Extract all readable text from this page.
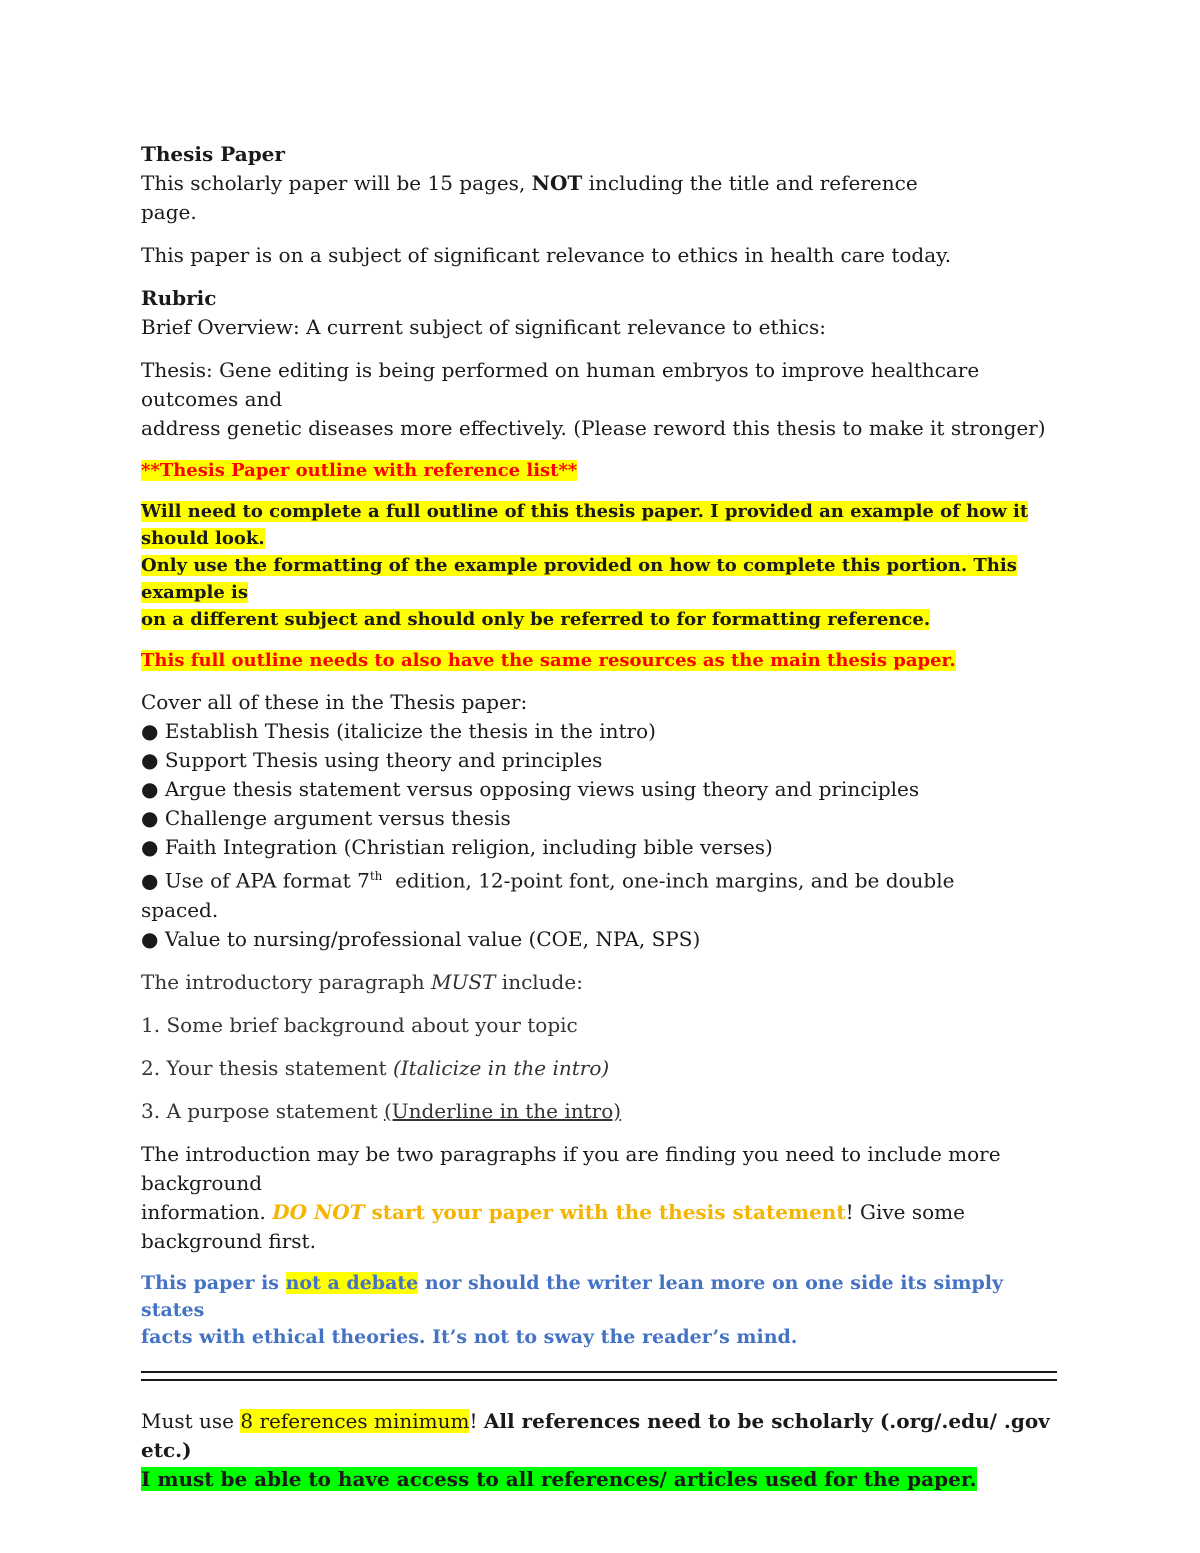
Thesis Paper

This scholarly paper will be 15 pages, NOT including the title and reference

page.

This paper is on a subject of significant relevance to ethics in health care today.

Rubric

Brief Overview: A current subject of significant relevance to ethics:

Thesis: Gene editing is being performed on human embryos to improve healthcare outcomes and

address genetic diseases more effectively. (Please reword this thesis to make it stronger)

**Thesis Paper outline with reference list**

Will need to complete a full outline of this thesis paper. I provided an example of how it should look.

Only use the formatting of the example provided on how to complete this portion. This example is

on a different subject and should only be referred to for formatting reference.

This full outline needs to also have the same resources as the main thesis paper.

Cover all of these in the Thesis paper:

● Establish Thesis (italicize the thesis in the intro)

● Support Thesis using theory and principles

● Argue thesis statement versus opposing views using theory and principles

● Challenge argument versus thesis

● Faith Integration (Christian religion, including bible verses)

● Use of APA format 7th  edition, 12-point font, one-inch margins, and be double

spaced.

● Value to nursing/professional value (COE, NPA, SPS)

The introductory paragraph MUST include:

1. Some brief background about your topic

2. Your thesis statement (Italicize in the intro)

3. A purpose statement (Underline in the intro)

The introduction may be two paragraphs if you are finding you need to include more background

information. DO NOT start your paper with the thesis statement! Give some background first.

This paper is not a debate nor should the writer lean more on one side its simply states

facts with ethical theories. It’s not to sway the reader’s mind.

Must use 8 references minimum! All references need to be scholarly (.org/.edu/ .gov etc.)

I must be able to have access to all references/ articles used for the paper.
